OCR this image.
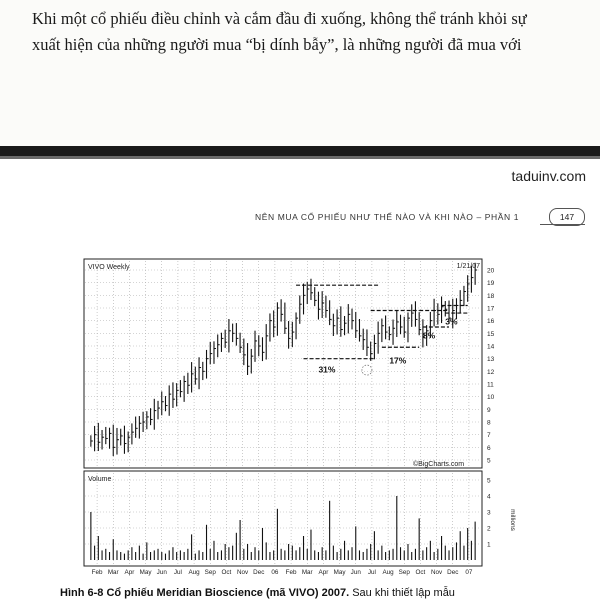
Khi một cổ phiếu điều chỉnh và cắm đầu đi xuống, không thể tránh khỏi sự
xuất hiện của những người mua “bị dính bẫy”, là những người đã mua với
taduinv.com
NÊN MUA CỔ PHIẾU NHƯ THẾ NÀO VÀ KHI NÀO – PHẦN 1	147
5
6
7
8
9
10
11
12
13
14
15
16
17
18
19
20
1
2
3
4
5
Feb Mar Apr May Jun Jul Aug Sep Oct Nov Dec 06 Feb Mar Apr May Jun Jul Aug Sep Oct Nov Dec 07
31%
17%
8%
3%
VIVO Weekly	1/21/07
©BigCharts.com
Volume
millions
Hình 6-8 Cổ phiếu Meridian Bioscience (mã VIVO) 2007. Sau khi thiết lập mẫu
